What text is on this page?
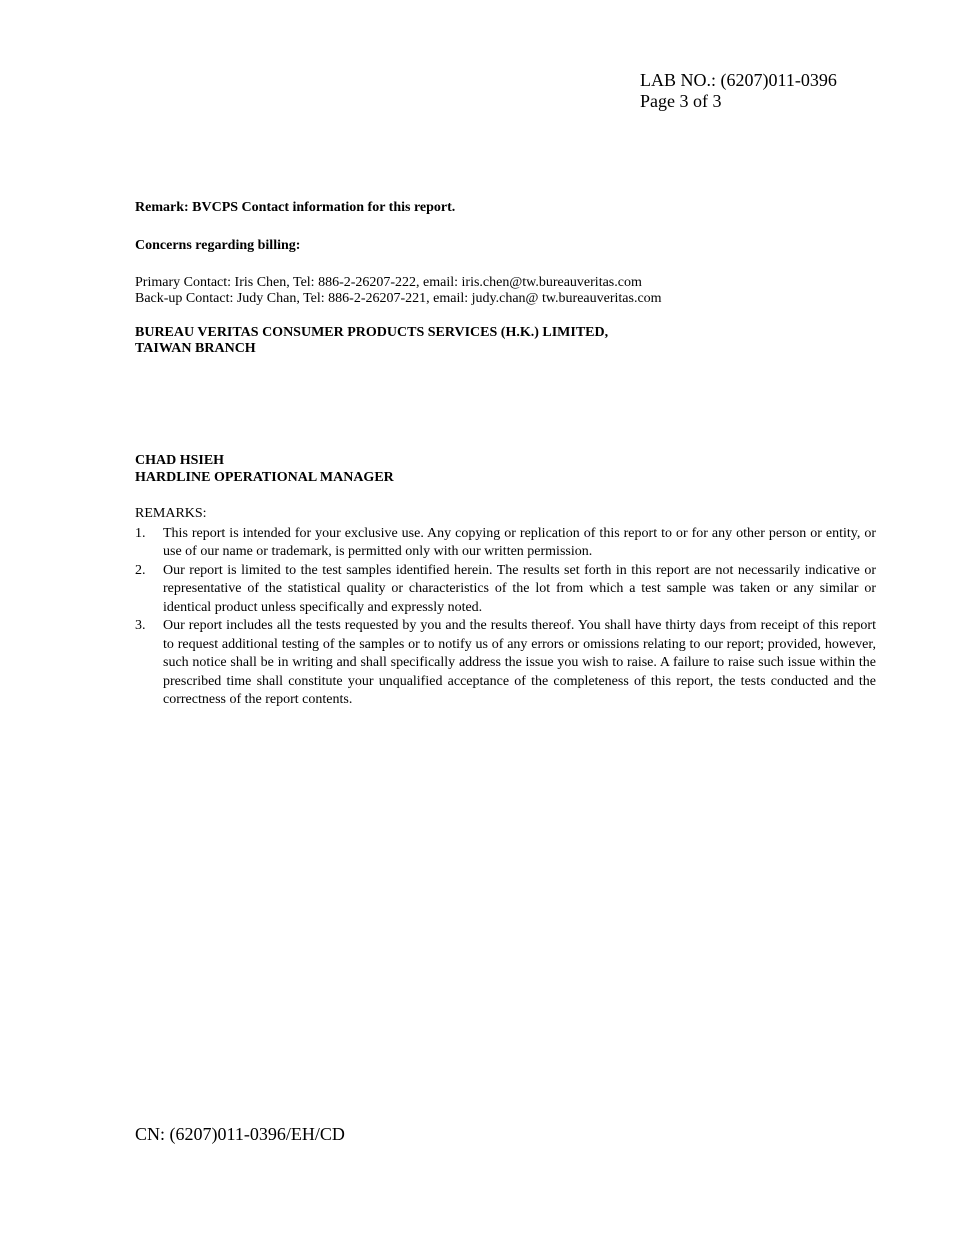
LAB NO.: (6207)011-0396
Page 3 of 3
Remark: BVCPS Contact information for this report.
Concerns regarding billing:
Primary Contact: Iris Chen, Tel: 886-2-26207-222, email: iris.chen@tw.bureauveritas.com
Back-up Contact: Judy Chan, Tel: 886-2-26207-221, email: judy.chan@ tw.bureauveritas.com
BUREAU VERITAS CONSUMER PRODUCTS SERVICES (H.K.) LIMITED,
TAIWAN BRANCH
CHAD HSIEH
HARDLINE OPERATIONAL MANAGER
REMARKS:
1. This report is intended for your exclusive use. Any copying or replication of this report to or for any other person or entity, or use of our name or trademark, is permitted only with our written permission.
2. Our report is limited to the test samples identified herein. The results set forth in this report are not necessarily indicative or representative of the statistical quality or characteristics of the lot from which a test sample was taken or any similar or identical product unless specifically and expressly noted.
3. Our report includes all the tests requested by you and the results thereof. You shall have thirty days from receipt of this report to request additional testing of the samples or to notify us of any errors or omissions relating to our report; provided, however, such notice shall be in writing and shall specifically address the issue you wish to raise. A failure to raise such issue within the prescribed time shall constitute your unqualified acceptance of the completeness of this report, the tests conducted and the correctness of the report contents.
CN: (6207)011-0396/EH/CD
